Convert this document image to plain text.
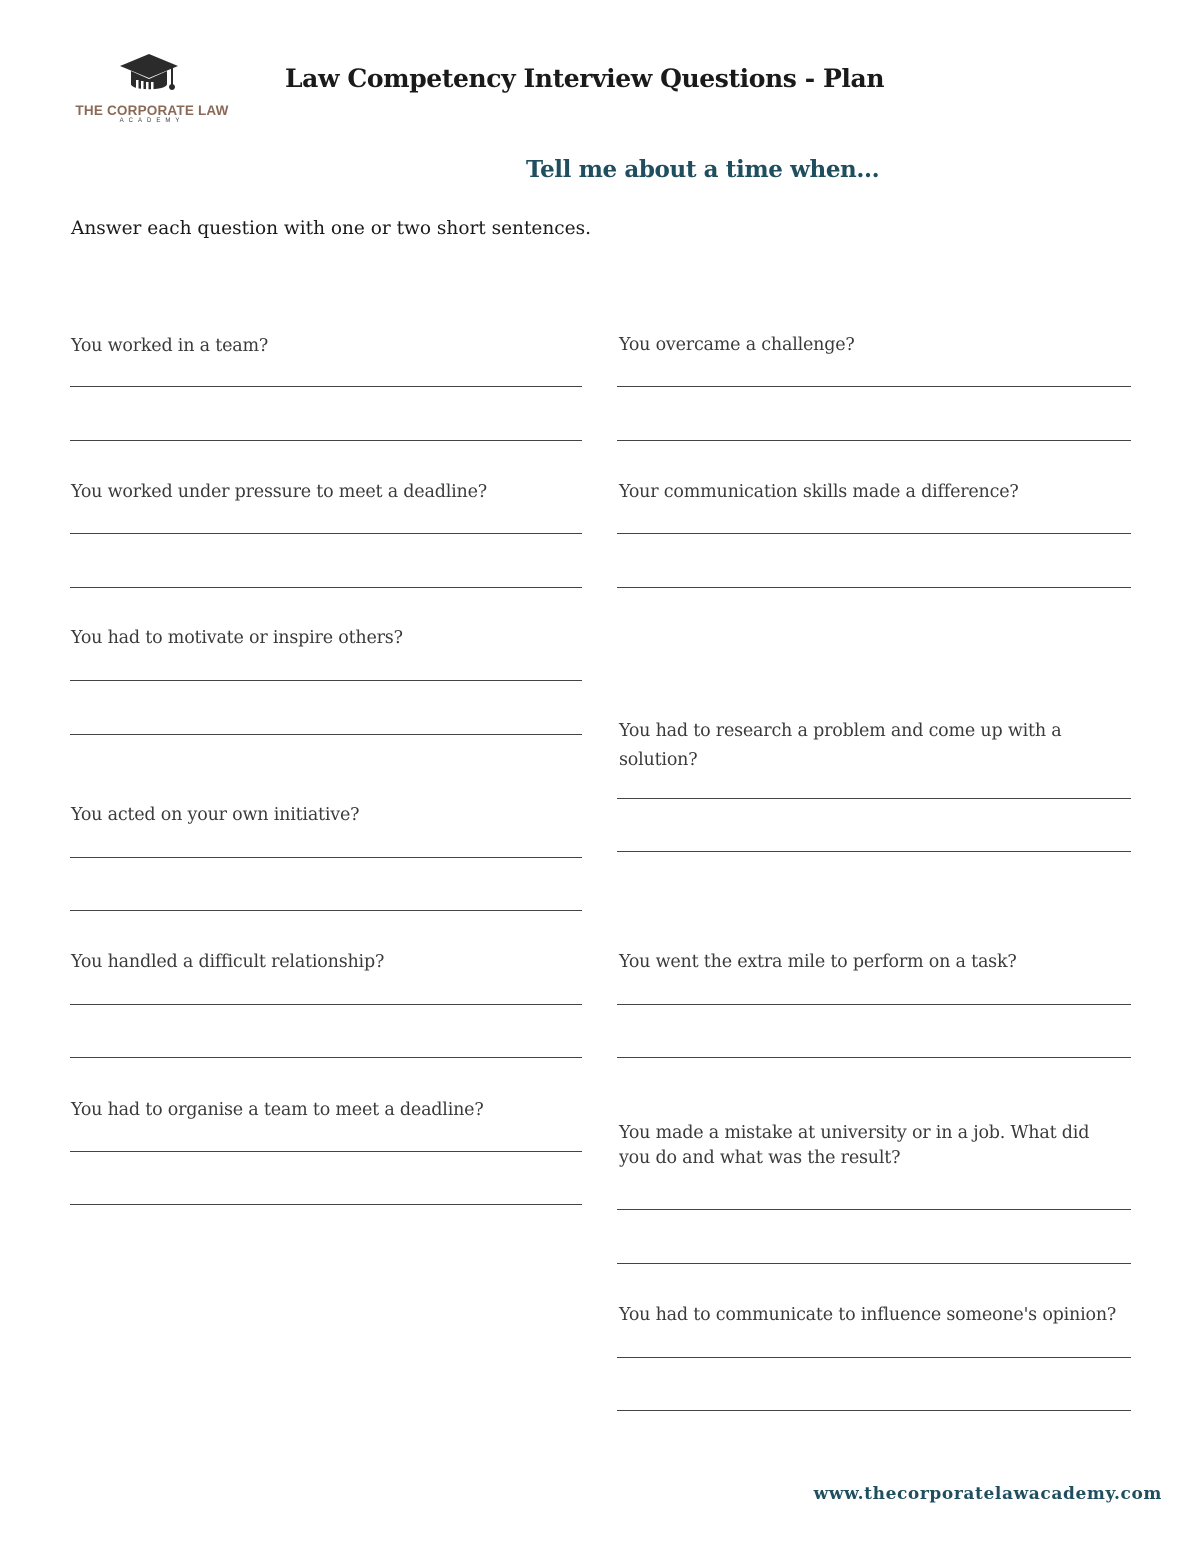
THE CORPORATE LAW
ACADEMY
Law Competency Interview Questions - Plan
Tell me about a time when...
Answer each question with one or two short sentences.
You worked in a team?
You worked under pressure to meet a deadline?
You had to motivate or inspire others?
You acted on your own initiative?
You handled a difficult relationship?
You had to organise a team to meet a deadline?
You overcame a challenge?
Your communication skills made a difference?
You had to research a problem and come up with a solution?
You went the extra mile to perform on a task?
You made a mistake at university or in a job. What did you do and what was the result?
You had to communicate to influence someone's opinion?
www.thecorporatelawacademy.com
